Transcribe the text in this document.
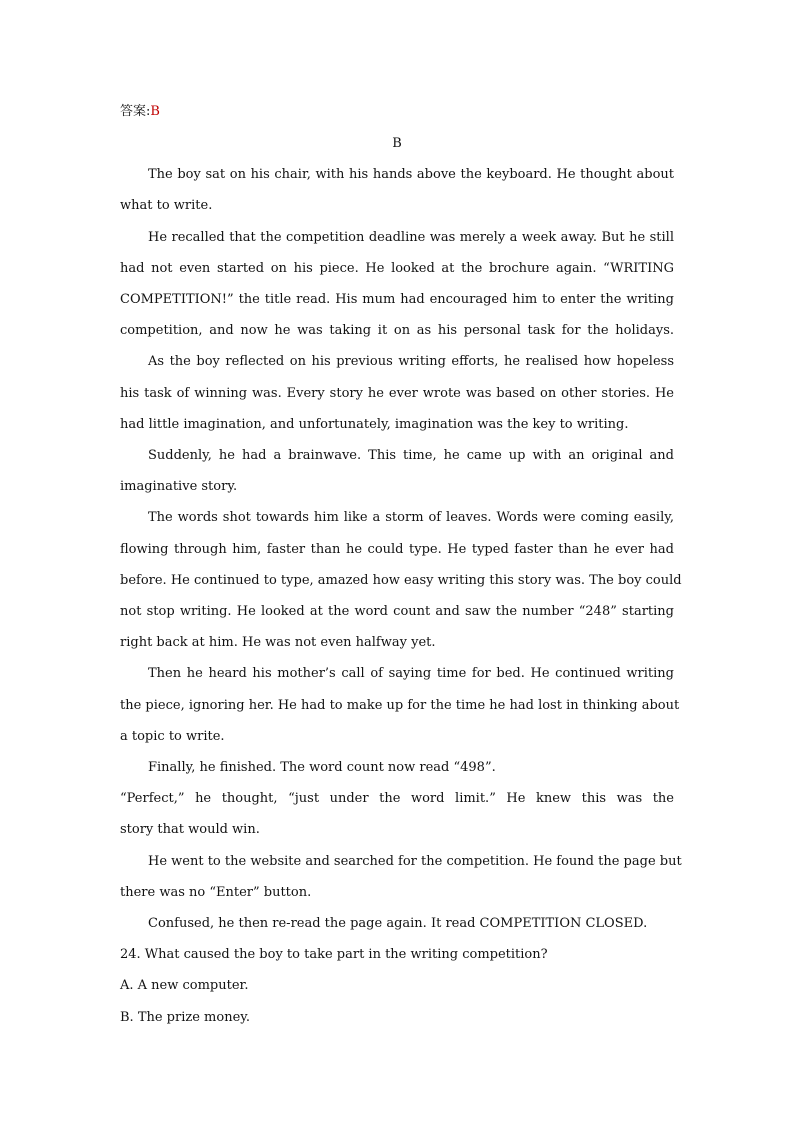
答案:B
B
The boy sat on his chair, with his hands above the keyboard. He thought about
what to write.
He recalled that the competition deadline was merely a week away. But he still
had not even started on his piece. He looked at the brochure again. “WRITING
COMPETITION!” the title read. His mum had encouraged him to enter the writing
competition, and now he was taking it on as his personal task for the holidays.
As the boy reflected on his previous writing efforts, he realised how hopeless
his task of winning was. Every story he ever wrote was based on other stories. He
had little imagination, and unfortunately, imagination was the key to writing.
Suddenly, he had a brainwave. This time, he came up with an original and
imaginative story.
The words shot towards him like a storm of leaves. Words were coming easily,
flowing through him, faster than he could type. He typed faster than he ever had
before. He continued to type, amazed how easy writing this story was. The boy could
not stop writing. He looked at the word count and saw the number “248” starting
right back at him. He was not even halfway yet.
Then he heard his mother’s call of saying time for bed. He continued writing
the piece, ignoring her. He had to make up for the time he had lost in thinking about
a topic to write.
Finally, he finished. The word count now read “498”.
“Perfect,” he thought, “just under the word limit.” He knew this was the
story that would win.
He went to the website and searched for the competition. He found the page but
there was no “Enter” button.
Confused, he then re-read the page again. It read COMPETITION CLOSED.
24. What caused the boy to take part in the writing competition?
A. A new computer.
B. The prize money.
